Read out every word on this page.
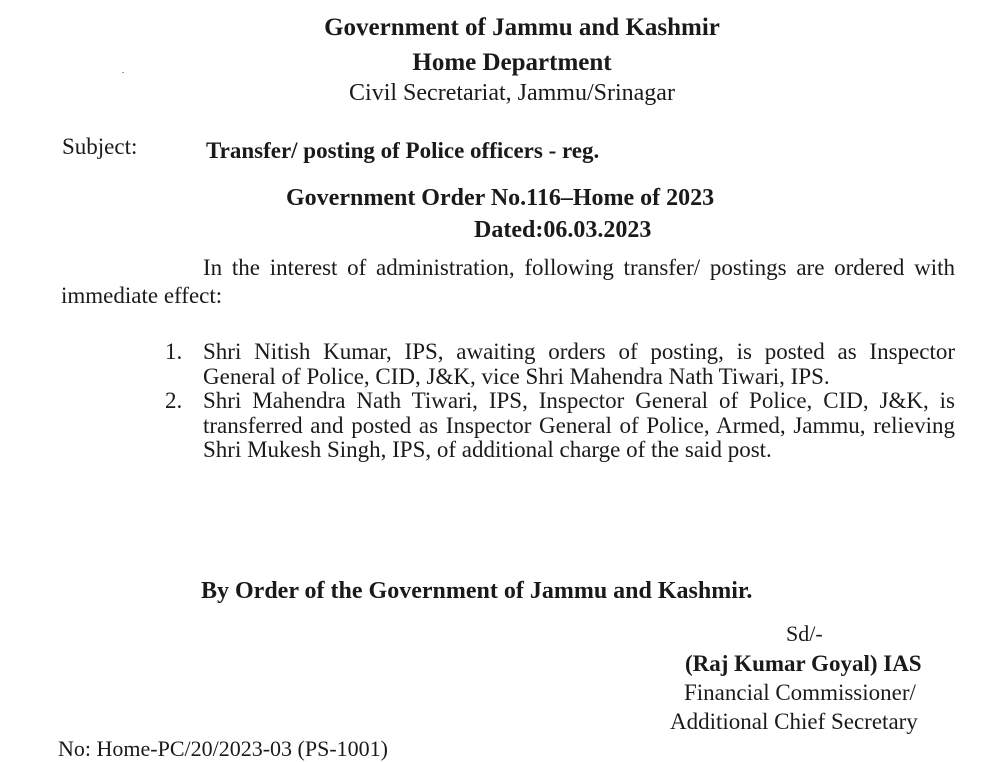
Government of Jammu and Kashmir
Home Department
Civil Secretariat, Jammu/Srinagar
Subject:	Transfer/ posting of Police officers - reg.
Government Order No.116–Home of 2023
Dated:06.03.2023
In the interest of administration, following transfer/ postings are ordered with immediate effect:
1. Shri Nitish Kumar, IPS, awaiting orders of posting, is posted as Inspector General of Police, CID, J&K, vice Shri Mahendra Nath Tiwari, IPS.
2. Shri Mahendra Nath Tiwari, IPS, Inspector General of Police, CID, J&K, is transferred and posted as Inspector General of Police, Armed, Jammu, relieving Shri Mukesh Singh, IPS, of additional charge of the said post.
By Order of the Government of Jammu and Kashmir.
Sd/-
(Raj Kumar Goyal) IAS
Financial Commissioner/
Additional Chief Secretary
No: Home-PC/20/2023-03 (PS-1001)
